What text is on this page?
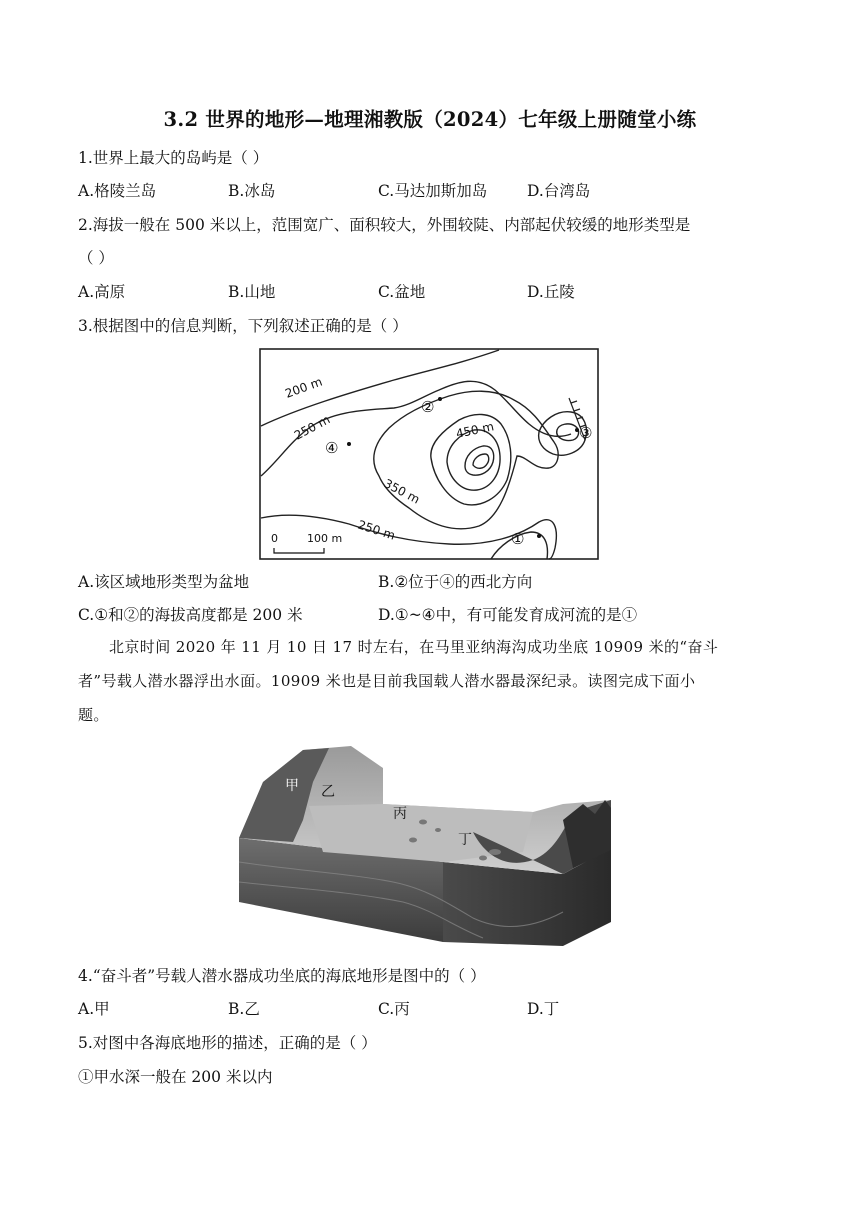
3.2 世界的地形—地理湘教版（2024）七年级上册随堂小练
1.世界上最大的岛屿是（ ）
A.格陵兰岛	B.冰岛	C.马达加斯加岛	D.台湾岛
2.海拔一般在 500 米以上，范围宽广、面积较大，外围较陡、内部起伏较缓的地形类型是
（ ）
A.高原	B.山地	C.盆地	D.丘陵
3.根据图中的信息判断，下列叙述正确的是（ ）
200 m
250 m	450 m
350 m
250 m	①
②
③
④
0	100 m
A.该区域地形类型为盆地	B.②位于④的西北方向
C.①和②的海拔高度都是 200 米	D.①~④中，有可能发育成河流的是①

北京时间 2020 年 11 月 10 日 17 时左右，在马里亚纳海沟成功坐底 10909 米的“奋斗

者”号载人潜水器浮出水面。10909 米也是目前我国载人潜水器最深纪录。读图完成下面小

题。

甲 乙
丙
丁
4.“奋斗者”号载人潜水器成功坐底的海底地形是图中的（ ）
A.甲	B.乙	C.丙	D.丁
5.对图中各海底地形的描述，正确的是（ ）
①甲水深一般在 200 米以内
